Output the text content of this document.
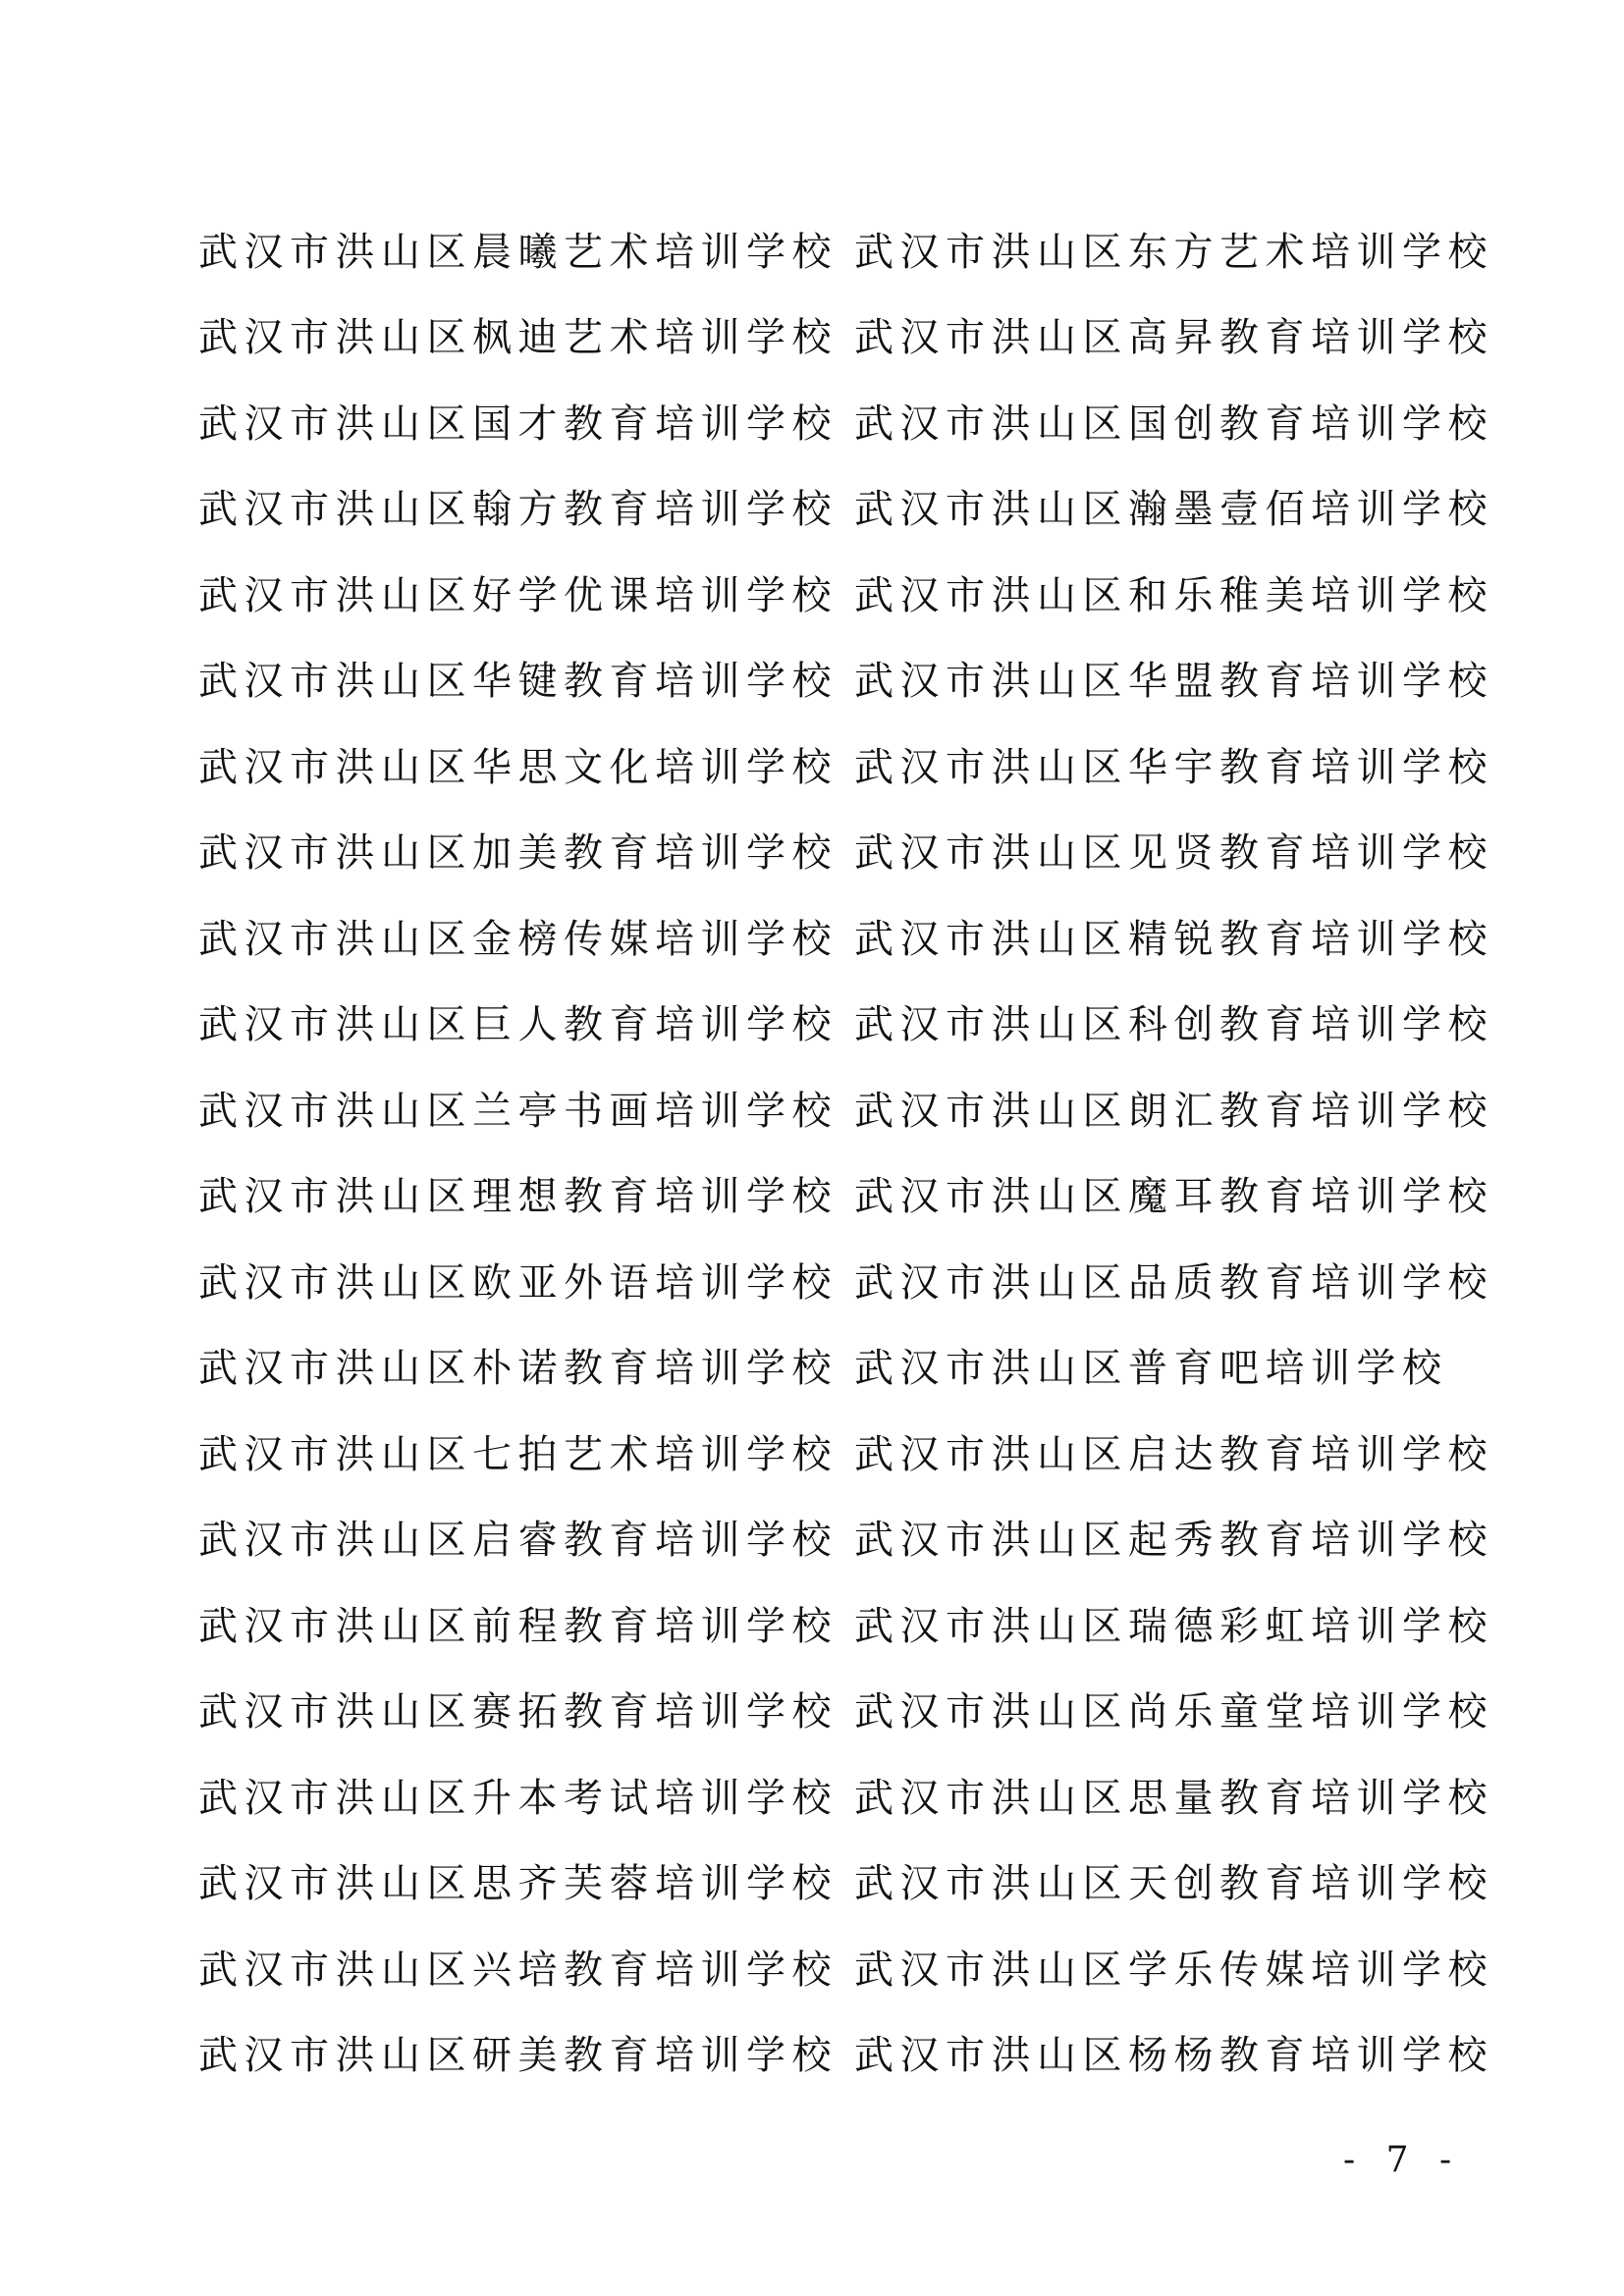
武汉市洪山区晨曦艺术培训学校 武汉市洪山区东方艺术培训学校
武汉市洪山区枫迪艺术培训学校 武汉市洪山区高昇教育培训学校
武汉市洪山区国才教育培训学校 武汉市洪山区国创教育培训学校
武汉市洪山区翰方教育培训学校 武汉市洪山区瀚墨壹佰培训学校
武汉市洪山区好学优课培训学校 武汉市洪山区和乐稚美培训学校
武汉市洪山区华键教育培训学校 武汉市洪山区华盟教育培训学校
武汉市洪山区华思文化培训学校 武汉市洪山区华宇教育培训学校
武汉市洪山区加美教育培训学校 武汉市洪山区见贤教育培训学校
武汉市洪山区金榜传媒培训学校 武汉市洪山区精锐教育培训学校
武汉市洪山区巨人教育培训学校 武汉市洪山区科创教育培训学校
武汉市洪山区兰亭书画培训学校 武汉市洪山区朗汇教育培训学校
武汉市洪山区理想教育培训学校 武汉市洪山区魔耳教育培训学校
武汉市洪山区欧亚外语培训学校 武汉市洪山区品质教育培训学校
武汉市洪山区朴诺教育培训学校 武汉市洪山区普育吧培训学校
武汉市洪山区七拍艺术培训学校 武汉市洪山区启达教育培训学校
武汉市洪山区启睿教育培训学校 武汉市洪山区起秀教育培训学校
武汉市洪山区前程教育培训学校 武汉市洪山区瑞德彩虹培训学校
武汉市洪山区赛拓教育培训学校 武汉市洪山区尚乐童堂培训学校
武汉市洪山区升本考试培训学校 武汉市洪山区思量教育培训学校
武汉市洪山区思齐芙蓉培训学校 武汉市洪山区天创教育培训学校
武汉市洪山区兴培教育培训学校 武汉市洪山区学乐传媒培训学校
武汉市洪山区研美教育培训学校 武汉市洪山区杨杨教育培训学校
- 7 -
